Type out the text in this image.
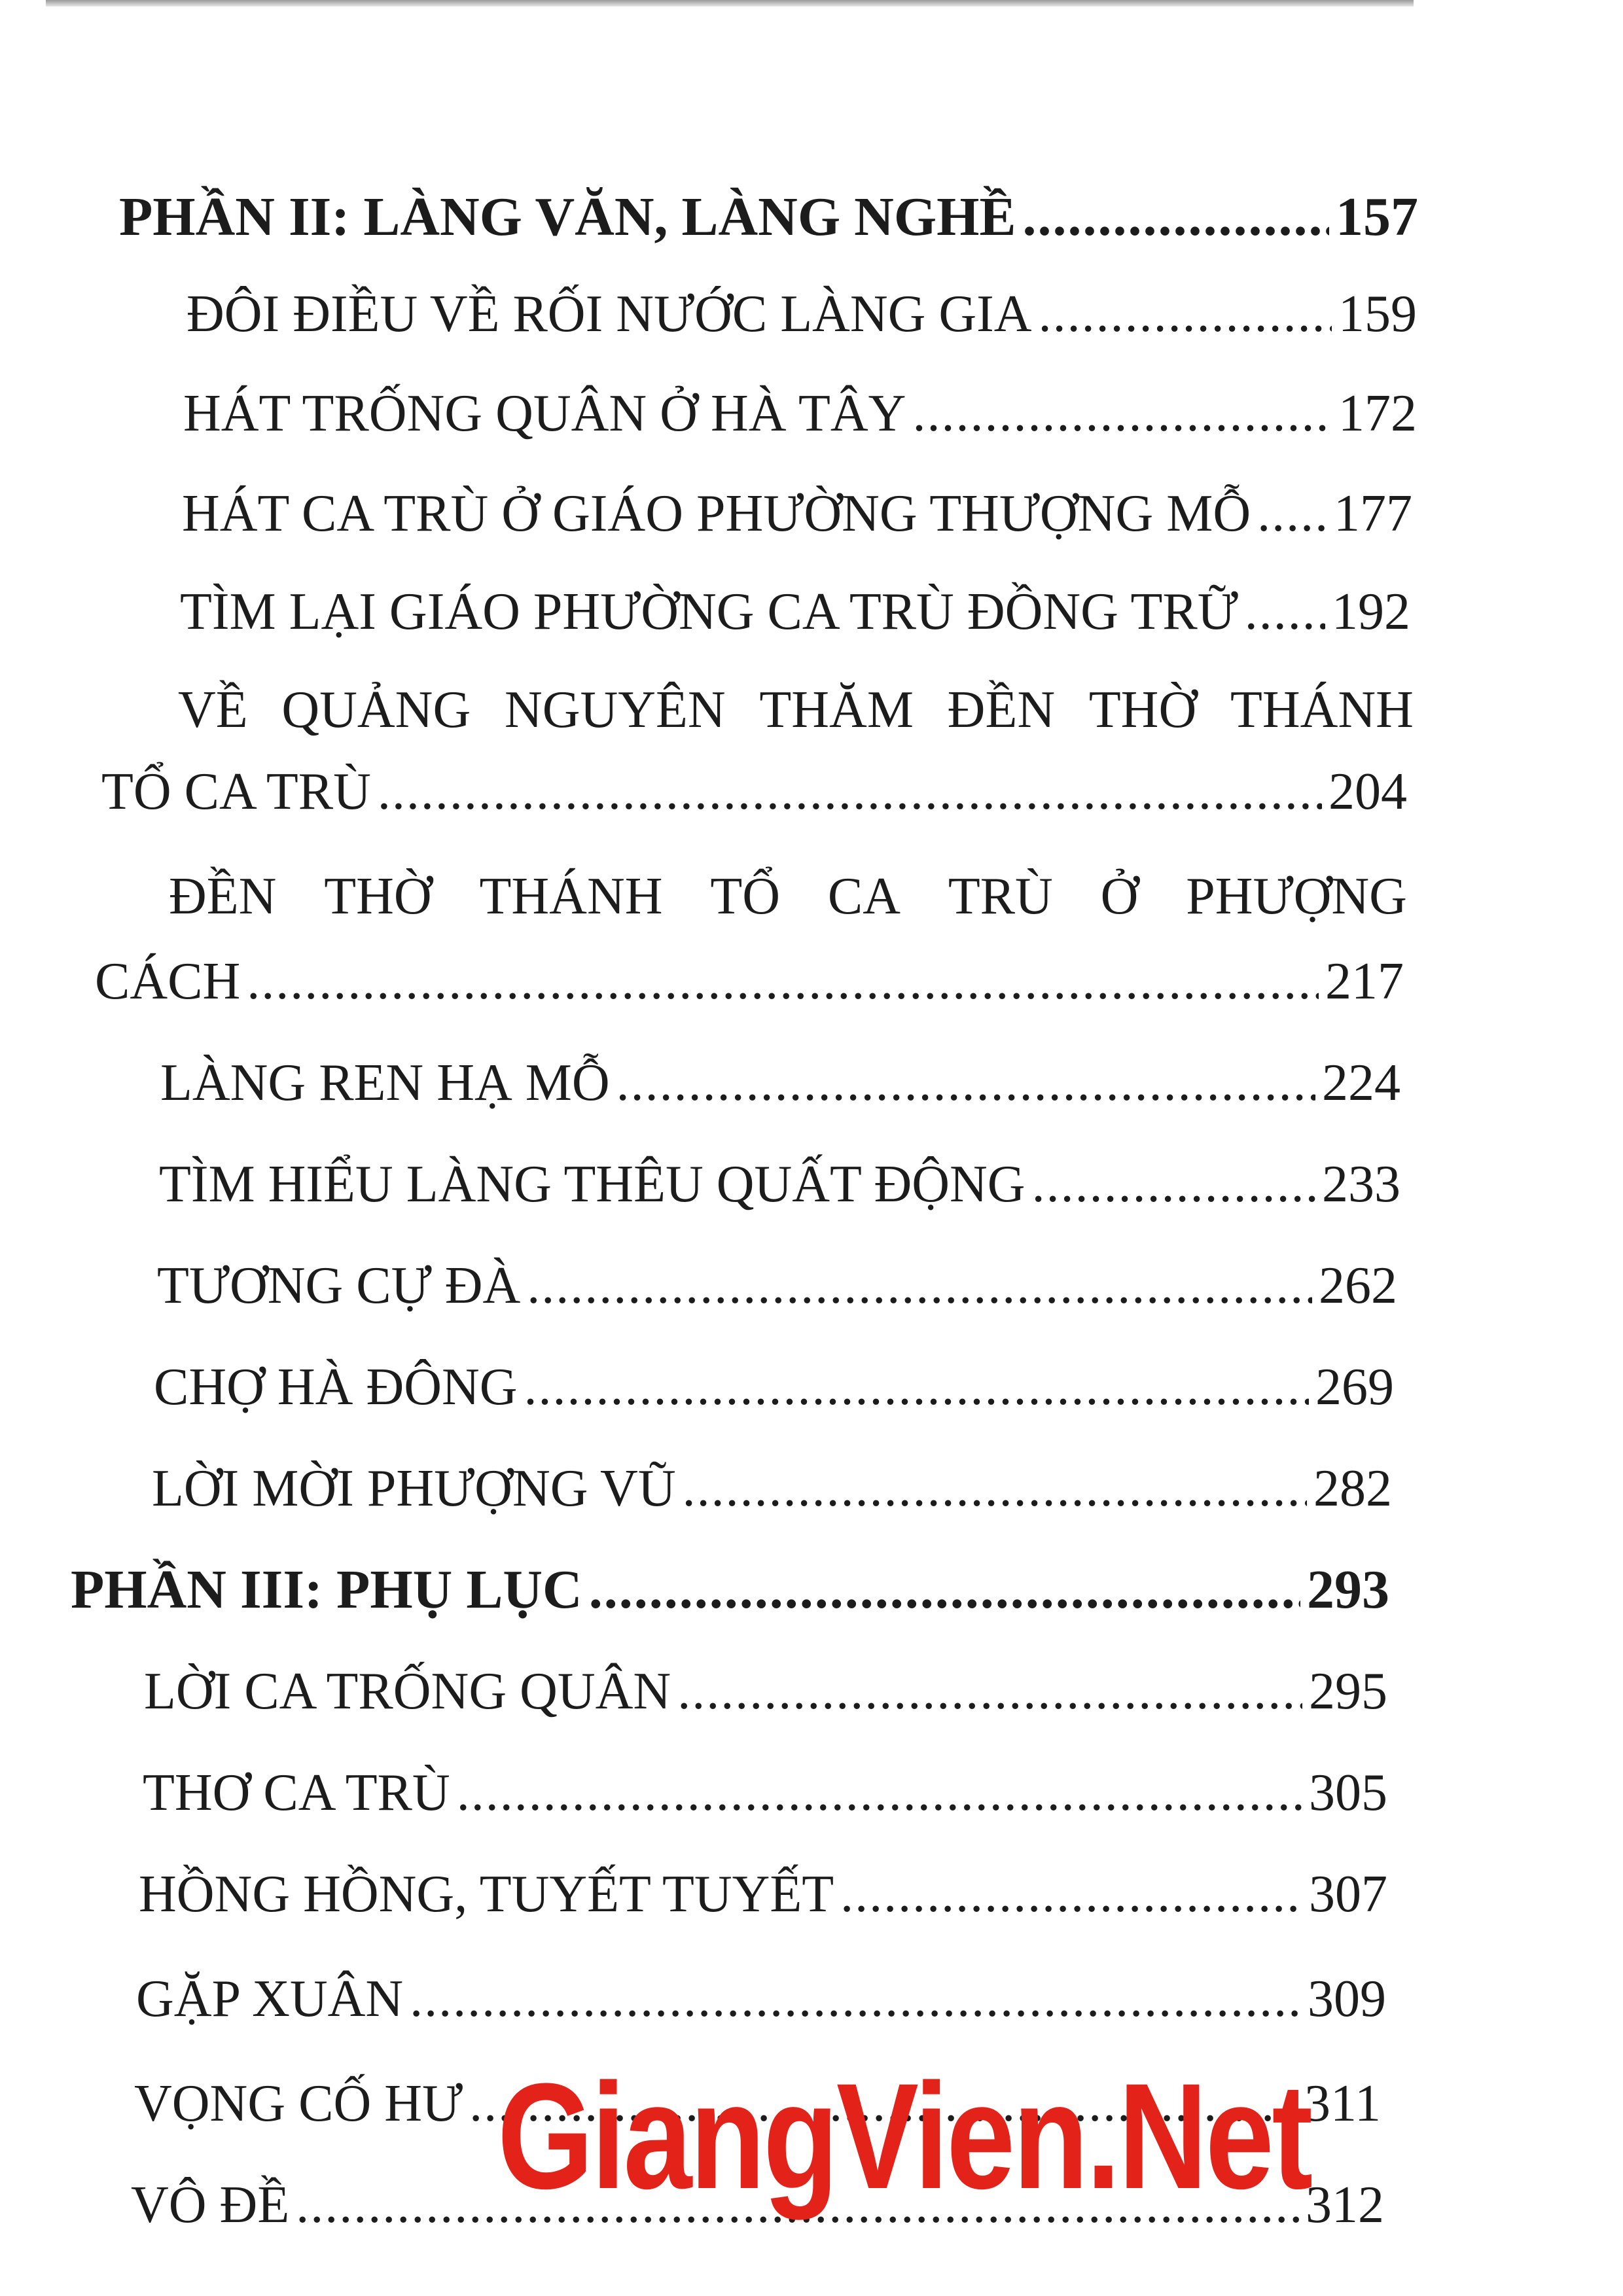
PHẦN II: LÀNG VĂN, LÀNG NGHỀ .....	157
ĐÔI ĐIỀU VỀ RỐI NƯỚC LÀNG GIA .....	159
HÁT TRỐNG QUÂN Ở HÀ TÂY .....	172
HÁT CA TRÙ Ở GIÁO PHƯỜNG THƯỢNG MỖ ..... 177
TÌM LẠI GIÁO PHƯỜNG CA TRÙ ĐỒNG TRỮ ..... 192
VỀ QUẢNG NGUYÊN THĂM ĐỀN THỜ THÁNH
TỔ CA TRÙ .....	204
ĐỀN THỜ THÁNH TỔ CA TRÙ Ở PHƯỢNG
CÁCH .....	217
LÀNG REN HẠ MỖ .....	224
TÌM HIỂU LÀNG THÊU QUẤT ĐỘNG .....	233
TƯƠNG CỰ ĐÀ .....	262
CHỢ HÀ ĐÔNG .....	269
LỜI MỜI PHƯỢNG VŨ .....	282
PHẦN III: PHỤ LỤC .....	293
LỜI CA TRỐNG QUÂN .....	295
THƠ CA TRÙ .....	305
HỒNG HỒNG, TUYẾT TUYẾT .....	307
GẶP XUÂN .....	309
VỌNG CỐ HƯ .....	311
VÔ ĐỀ .....	312
GiangVien.Net
